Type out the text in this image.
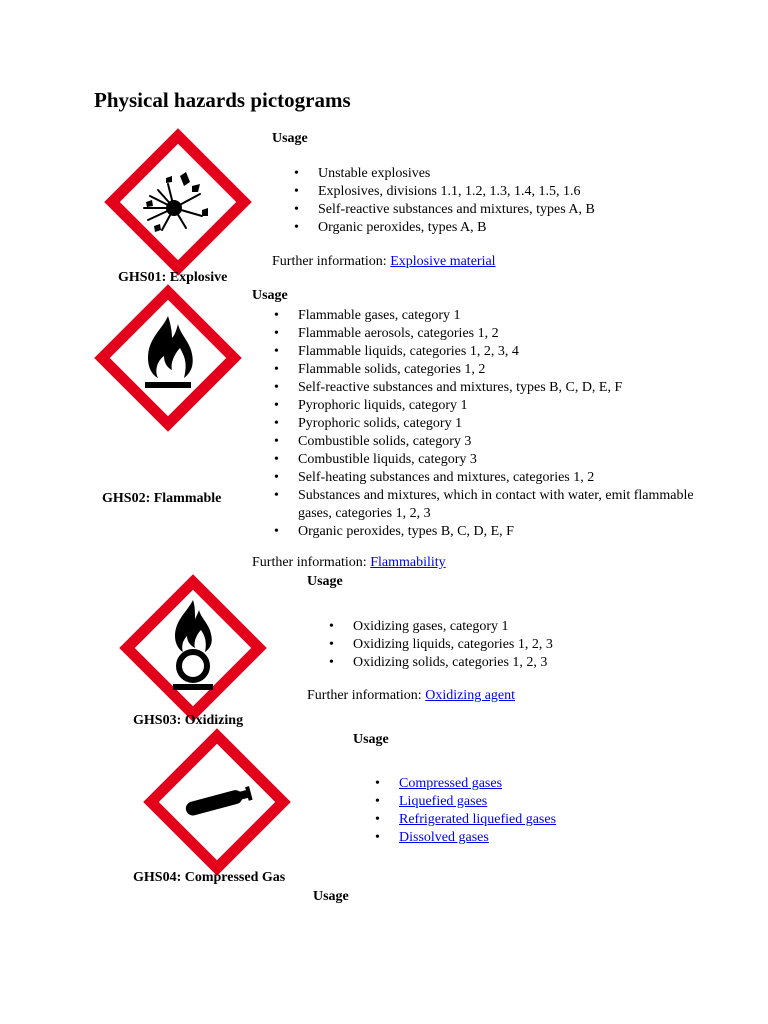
Physical hazards pictograms
GHS01: Explosive
Usage
• Unstable explosives
• Explosives, divisions 1.1, 1.2, 1.3, 1.4, 1.5, 1.6
• Self-reactive substances and mixtures, types A, B
• Organic peroxides, types A, B
Further information: Explosive material
Usage
GHS02: Flammable
• Flammable gases, category 1
• Flammable aerosols, categories 1, 2
• Flammable liquids, categories 1, 2, 3, 4
• Flammable solids, categories 1, 2
• Self-reactive substances and mixtures, types B, C, D, E, F
• Pyrophoric liquids, category 1
• Pyrophoric solids, category 1
• Combustible solids, category 3
• Combustible liquids, category 3
• Self-heating substances and mixtures, categories 1, 2
• Substances and mixtures, which in contact with water, emit flammable gases, categories 1, 2, 3
• Organic peroxides, types B, C, D, E, F
Further information: Flammability
Usage
GHS03: Oxidizing
• Oxidizing gases, category 1
• Oxidizing liquids, categories 1, 2, 3
• Oxidizing solids, categories 1, 2, 3
Further information: Oxidizing agent
Usage
GHS04: Compressed Gas
• Compressed gases
• Liquefied gases
• Refrigerated liquefied gases
• Dissolved gases
Usage
